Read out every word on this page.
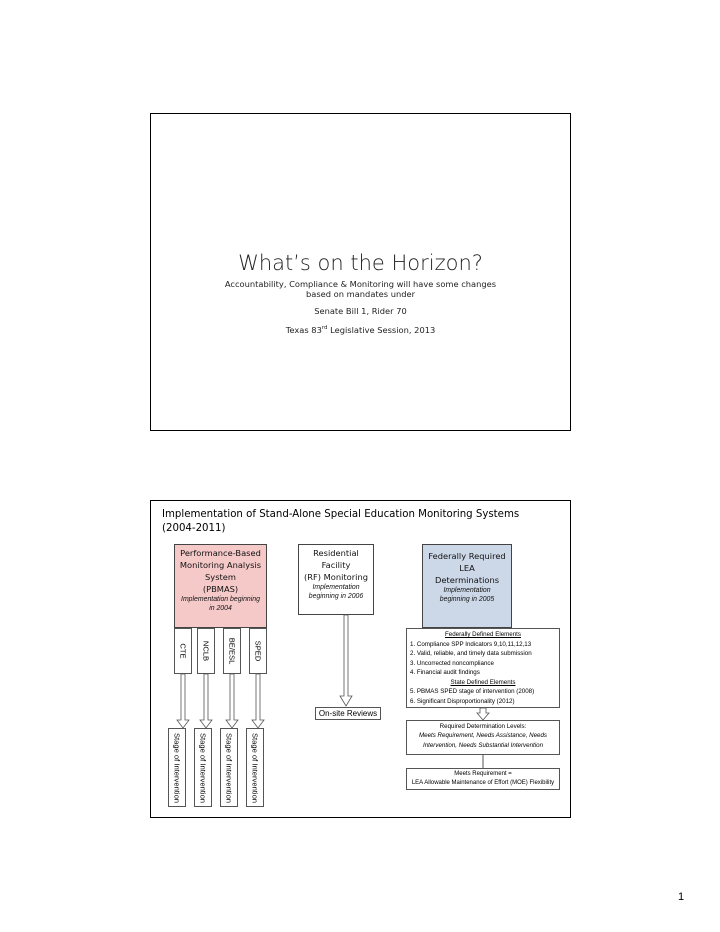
What’s on the Horizon?
Accountability, Compliance & Monitoring will have some changes
based on mandates under
Senate Bill 1, Rider 70
Texas 83rd Legislative Session, 2013
Implementation of Stand-Alone Special Education Monitoring Systems (2004-2011)
Performance-Based
Monitoring Analysis
System
(PBMAS)
Implementation beginning
in 2004
Residential Facility
(RF) Monitoring
Implementation
beginning in 2006
Federally Required
LEA
Determinations
Implementation
beginning in 2005
CTE NCLB BE/ESL SPED
Stage of Intervention Stage of Intervention Stage of Intervention Stage of Intervention
Federally Defined Elements
1. Compliance SPP Indicators 9,10,11,12,13
2. Valid, reliable, and timely data submission
3. Uncorrected noncompliance
4. Financial audit findings
State Defined Elements
5. PBMAS SPED stage of intervention (2008)
6. Significant Disproportionality (2012)
On-site Reviews
Required Determination Levels:
Meets Requirement, Needs Assistance, Needs
Intervention, Needs Substantial Intervention
Meets Requirement =
LEA Allowable Maintenance of Effort (MOE) Flexibility
1
